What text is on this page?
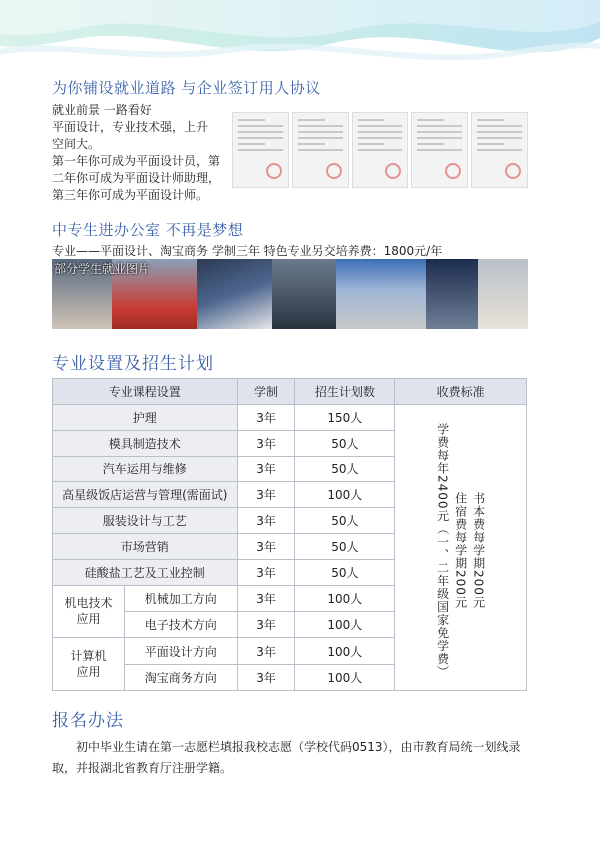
为你铺设就业道路 与企业签订用人协议
就业前景 一路看好
平面设计，专业技术强，上升
空间大。
第一年你可成为平面设计员，第
二年你可成为平面设计师助理，
第三年你可成为平面设计师。
中专生进办公室 不再是梦想
专业——平面设计、淘宝商务 学制三年 特色专业另交培养费：1800元/年
部分学生就业图片
专业设置及招生计划
专业课程设置		学制	招生计划数	收费标准
护理		3年	150人	书本费每学期200元
住宿费每学期200元
学费每年2400元（一、二年级国家免学费）

模具制造技术		3年	50人	
汽车运用与维修		3年	50人	
高星级饭店运营与管理(需面试)		3年	100人	
服装设计与工艺		3年	50人	
市场营销		3年	50人	
硅酸盐工艺及工业控制		3年	50人	

机电技术应用	机械加工方向	3年	100人	
	电子技术方向	3年	100人	

计算机应用	平面设计方向	3年	100人	
	淘宝商务方向	3年	100人	
报名办法
初中毕业生请在第一志愿栏填报我校志愿（学校代码0513），由市教育局统一划线录取，并报湖北省教育厅注册学籍。
